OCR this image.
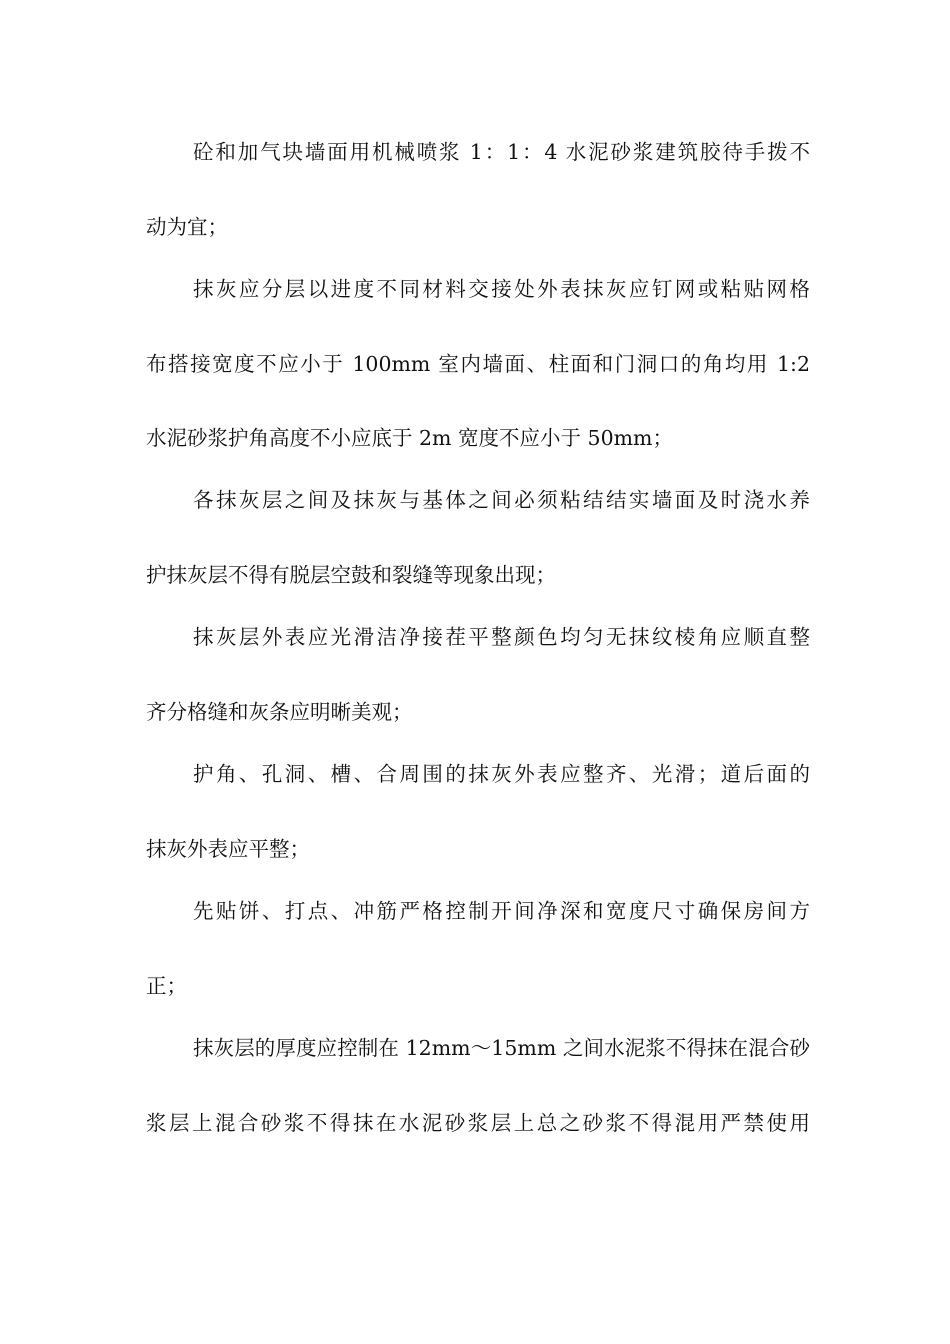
砼和加气块墙面用机械喷浆 1：1：4 水泥砂浆建筑胶待手拨不
动为宜；
抹灰应分层以进度不同材料交接处外表抹灰应钉网或粘贴网格
布搭接宽度不应小于 100mm 室内墙面、柱面和门洞口的角均用 1:2
水泥砂浆护角高度不小应底于 2m 宽度不应小于 50mm；
各抹灰层之间及抹灰与基体之间必须粘结结实墙面及时浇水养
护抹灰层不得有脱层空鼓和裂缝等现象出现；
抹灰层外表应光滑洁净接茬平整颜色均匀无抹纹棱角应顺直整
齐分格缝和灰条应明晰美观；
护角、孔洞、槽、合周围的抹灰外表应整齐、光滑；道后面的
抹灰外表应平整；
先贴饼、打点、冲筋严格控制开间净深和宽度尺寸确保房间方
正；
抹灰层的厚度应控制在 12mm～15mm 之间水泥浆不得抹在混合砂
浆层上混合砂浆不得抹在水泥砂浆层上总之砂浆不得混用严禁使用
